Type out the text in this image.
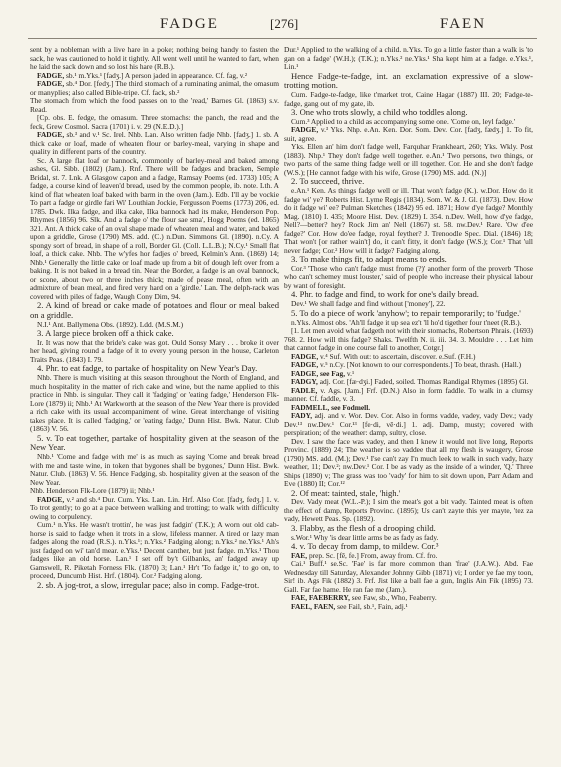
FADGE	[276]	FAEN

sent by a nobleman with a live hare in a poke; nothing being handy to fasten the sack, he was cautioned to hold it tightly. All went well until he wanted to fart, when he laid the sack down and so lost his hare (R.B.).

FADGE, sb.¹ m.Yks.¹ [fadʒ.] A person jaded in appearance. Cf. fag, v.²

FADGE, sb.⁴ Dor. [fedʒ.] The third stomach of a ruminating animal, the omasum or manyplies; also called Bible-tripe. Cf. fack, sb.²

The stomach from which the food passes on to the 'read,' Barnes Gl. (1863) s.v. Read.

[Cp. obs. E. fedge, the omasum. Three stomachs: the panch, the read and the feck, Grew Cosmol. Sacra (1701) i. v. 29 (N.E.D.).]

FADGE, sb.³ and v.¹ Sc. Irel. Nhb. Lan. Also written fadje Nhb. [fadʒ.] 1. sb. A thick cake or loaf, made of wheaten flour or barley-meal, varying in shape and quality in different parts of the country.

Sc. A large flat loaf or bannock, commonly of barley-meal and baked among ashes, Gl. Sibb. (1802) (Jam.). Rnf. There will be fadges and bracken, Semple Bridal, st. 7. Lnk. A Glasgow capon and a fadge, Ramsay Poems (ed. 1733) 105; A fadge, a course kind of leaven'd bread, used by the common people, ib. note. Lth. A kind of flat wheaten loaf baked with barm in the oven (Jam.). Edb. I'll ay be vockie To part a fadge or girdle fari Wi' Louthian Jockie, Fergusson Poems (1773) 206, ed. 1785. Dwk. Ilka fadge, and ilka cake, Ilka bannock had its make, Henderson Pop. Rhymes (1856) 96. Slk. And a fadge o' the flour sae sma', Hogg Poems (ed. 1865) 321. Ant. A thick cake of an oval shape made of wheaten meal and water, and baked upon a griddle, Grose (1790) MS. add. (C.) n.Dun. Simmons Gl. (1890). n.Cy. A spongy sort of bread, in shape of a roll, Border Gl. (Coll. L.L.B.); N.Cy.¹ Small flat loaf, a thick cake. Nhb. The w'yfes hor fadjes o' breed, Kelmin's Ann. (1869) 14; Nhb.¹ Generally the little cake or loaf made up from a bit of dough left over from a baking. It is not baked in a bread tin. Near the Border, a fadge is an oval bannock, or scone, about two or three inches thick; made of pease meal, often with an admixture of bean meal, and fired very hard on a 'girdle.' Lan. The delph-rack was covered with piles of fadge, Waugh Cony Dim, 94.

2. A kind of bread or cake made of potatoes and flour or meal baked on a griddle.

N.I.¹ Ant. Ballymena Obs. (1892). Ldd. (M.S.M.)

3. A large piece broken off a thick cake.

Ir. It was now that the bride's cake was got. Ould Sonsy Mary . . . broke it over her head, giving round a fadge of it to every young person in the house, Carleton Traits Peas. (1843) I. 79.

4. Phr. to eat fadge, to partake of hospitality on New Year's Day.

Nhb. There is much visiting at this season throughout the North of England, and much hospitality in the matter of rich cake and wine, but the name applied to this practice in Nhb. is singular. They call it 'fadging' or 'eating fadge,' Henderson Flk-Lore (1879) ii; Nhb.¹ At Warkworth at the season of the New Year there is provided a rich cake with its usual accompaniment of wine. Great interchange of visiting takes place. It is called 'fadging,' or 'eating fadge,' Dunn Hist. Bwk. Natur. Club (1863) V. 56.

5. v. To eat together, partake of hospitality given at the season of the New Year.

Nhb.¹ 'Come and fadge with me' is as much as saying 'Come and break bread with me and taste wine, in token that bygones shall be bygones,' Dunn Hist. Bwk. Natur. Club. (1863) V. 56. Hence Fadging, sb. hospitality given at the season of the New Year.

Nhb. Henderson Flk-Lore (1879) ii; Nhb.¹

FADGE, v.² and sb.⁴ Dur. Cum. Yks. Lan. Lin. Hrf. Also Cor. [fadʒ, fedʒ.] 1. v. To trot gently; to go at a pace between walking and trotting; to walk with difficulty owing to corpulency.

Cum.¹ n.Yks. He wasn't trottin', he was just fadgin' (T.K.); A worn out old cab-horse is said to fadge when it trots in a slow, lifeless manner. A tired or lazy man fadges along the road (R.S.). n.Yks.¹; n.Yks.² Fadging along; n.Yks.² ne.Yks.¹ Ah's just fadged on wi' tan'd mear. e.Yks.¹ Decent canther, but just fadge. m.Yks.¹ Thou fadges like an old horse. Lan.¹ I set off by't Gilbanks, an' fadged away up Gamswell, R. Piketah Forness Flk. (1870) 3; Lan.¹ Hr't 'To fadge it,' to go on, to proceed, Duncumb Hist. Hrf. (1804). Cor.² Fadging along.

2. sb. A jog-trot, a slow, irregular pace; also in comp. Fadge-trot.

Dur.¹ Applied to the walking of a child. n.Yks. To go a little faster than a walk is 'to gan on a fadge' (W.H.); (T.K.); n.Yks.² ne.Yks.¹ Sha kept him at a fadge. e.Yks.¹, Lin.¹

Hence Fadge-te-fadge, int. an exclamation expressive of a slow-trotting motion.

Cum. Fadge-te-fadge, like t'market trot, Caine Hagar (1887) III. 20; Fadge-te-fadge, gang out of my gate, ib.

3. One who trots slowly, a child who toddles along.

Cum.³ Applied to a child as accompanying some one. 'Come on, leyl fadge.'

FADGE, v.³ Yks. Nhp. e.An. Ken. Dor. Som. Dev. Cor. [fadʒ, fædʒ.] 1. To fit, suit, agree.

Yks. Ellen an' him don't fadge well, Farquhar Frankheart, 260; Yks. Wkly. Post (1883). Nhp.¹ They don't fadge well together. e.An.¹ Two persons, two things, or two parts of the same thing fadge well or ill together. Cor. He and she don't fadge (W.S.); [He cannot fadge with his wife, Grose (1790) MS. add. (N.)]

2. To succeed, thrive.

e.An.¹ Ken. As things fadge well or ill. That won't fadge (K.). w.Dor. How do it fadge wi' ye? Roberts Hist. Lyme Regis (1834). Som. W. & J. Gl. (1873). Dev. How do it fadge wi' ee? Pulman Sketches (1842) 95 ed. 1871; How d'ye fadge? Monthly Mag. (1810) I. 435; Moore Hist. Dev. (1829) I. 354. n.Dev. Well, how d'ye fadge, Nell?—better? hey? Rock Jim an' Nell (1867) st. 58. nw.Dev.¹ Rare. 'Ow d'ee fadge?' Cor. How do'ee fadge, royal feyther? J. Trenoodle Spec. Dial. (1846) 18; That won't [or rather wain't] do, it can't fitty, it don't fadge (W.S.); Cor.¹ That 'ull never fadge; Cor.² How will it fadge? Fadging along.

3. To make things fit, to adapt means to ends.

Cor.³ 'Those who can't fadge must frome (?)' another form of the proverb 'Those who can't schemey must louster,' said of people who increase their physical labour by want of foresight.

4. Phr. to fadge and find, to work for one's daily bread.

Dev.¹ We shall fadge and find without ['money'], 22.

5. To do a piece of work 'anyhow'; to repair temporarily; to 'fudge.'

n.Yks. Almost obs. 'Ah'll fadge it up sea ez't 'll ho'd tigether four t'neet (R.B.).

[1. Let men avoid what fadgeth not with their stomachs, Robertson Phrais. (1693) 768. 2. How will this fadge? Shaks. Twelfth N. ii. iii. 34. 3. Mouldre . . . Let him that cannot fadge in one course fall to another, Cotgr.]

FADGE, v.⁴ Suf. With out: to ascertain, discover. e.Suf. (F.H.)

FADGE, v.⁵ n.Cy. [Not known to our correspondents.] To beat, thrash. (Hall.)

FADGE, see Fag, v.¹

FADGY, adj. Cor. [fæ·dʒi.] Faded, soiled. Thomas Randigal Rhymes (1895) Gl.

FADLE, v. Ags. [Jam.] Frf. (D.N.) Also in form faddle. To walk in a clumsy manner. Cf. faddle, v. 3.

FADMELL, see Fodmell.

FADY, adj. and v. Wor. Dev. Cor. Also in forms vadde, vadey, vady Dev.; vady Dev.¹³ nw.Dev.¹ Cor.¹³ [fe·di, vē·di.] 1. adj. Damp, musty; covered with perspiration; of the weather: damp, sultry, close.

Dev. I saw the face was vadey, and then I knew it would not live long, Reports Provinc. (1889) 24; The weather is so vaddee that all my flesh is waugery, Grose (1790) MS. add. (M.); Dev.¹ I'se can't zay I'n much leek to walk in such vady, hazy weather, 11; Dev.²; nw.Dev.¹ Cor. I be as vady as the inside of a winder, 'Q.' Three Ships (1890) v; The grass was too 'vady' for him to sit down upon, Parr Adam and Eve (1880) II; Cor.¹²

2. Of meat: tainted, stale, 'high.'

Dev. Vady meat (W.L.-P.); I sim the meat's got a bit vady. Tainted meat is often the effect of damp, Reports Provinc. (1895); Us can't zayte this yer mayte, 'tez za vady, Hewett Peas. Sp. (1892).

3. Flabby, as the flesh of a drooping child.

s.Wor.¹ Why 'is dear little arms be as fady as fady.

4. v. To decay from damp, to mildew. Cor.³

FAE, prep. Sc. [fē, fe.] From, away from. Cf. fro.

Cai.¹ Buff.¹ se.Sc. 'Fae' is far more common than 'frae' (J.A.W.). Abd. Fae Wednesday till Saturday, Alexander Johnny Gibb (1871) vi; I order ye fae my toon, Sir! ib. Ags Fik (1882) 3. Frf. Jist like a ball fae a gun, Inglis Ain Fik (1895) 73. Gall. Far fae hame. He ran fae me (Jam.).

FAE, FAEBERRY, see Faw, sb., Who, Feaberry.

FAEL, FAEN, see Fail, sb.¹, Fain, adj.¹
